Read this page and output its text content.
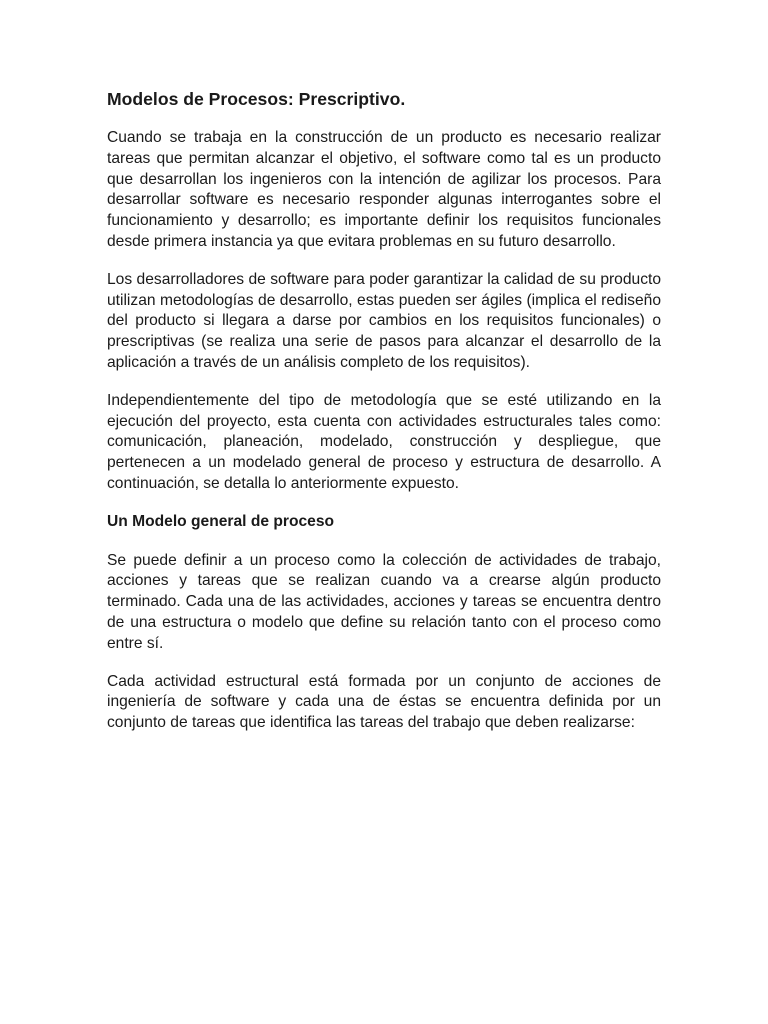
Modelos de Procesos: Prescriptivo.

Cuando se trabaja en la construcción de un producto es necesario realizar tareas que permitan alcanzar el objetivo, el software como tal es un producto que desarrollan los ingenieros con la intención de agilizar los procesos. Para desarrollar software es necesario responder algunas interrogantes sobre el funcionamiento y desarrollo; es importante definir los requisitos funcionales desde primera instancia ya que evitara problemas en su futuro desarrollo.

Los desarrolladores de software para poder garantizar la calidad de su producto utilizan metodologías de desarrollo, estas pueden ser ágiles (implica el rediseño del producto si llegara a darse por cambios en los requisitos funcionales) o prescriptivas (se realiza una serie de pasos para alcanzar el desarrollo de la aplicación a través de un análisis completo de los requisitos).

Independientemente del tipo de metodología que se esté utilizando en la ejecución del proyecto, esta cuenta con actividades estructurales tales como: comunicación, planeación, modelado, construcción y despliegue, que pertenecen a un modelado general de proceso y estructura de desarrollo. A continuación, se detalla lo anteriormente expuesto.

Un Modelo general de proceso

Se puede definir a un proceso como la colección de actividades de trabajo, acciones y tareas que se realizan cuando va a crearse algún producto terminado. Cada una de las actividades, acciones y tareas se encuentra dentro de una estructura o modelo que define su relación tanto con el proceso como entre sí.

Cada actividad estructural está formada por un conjunto de acciones de ingeniería de software y cada una de éstas se encuentra definida por un conjunto de tareas que identifica las tareas del trabajo que deben realizarse:
